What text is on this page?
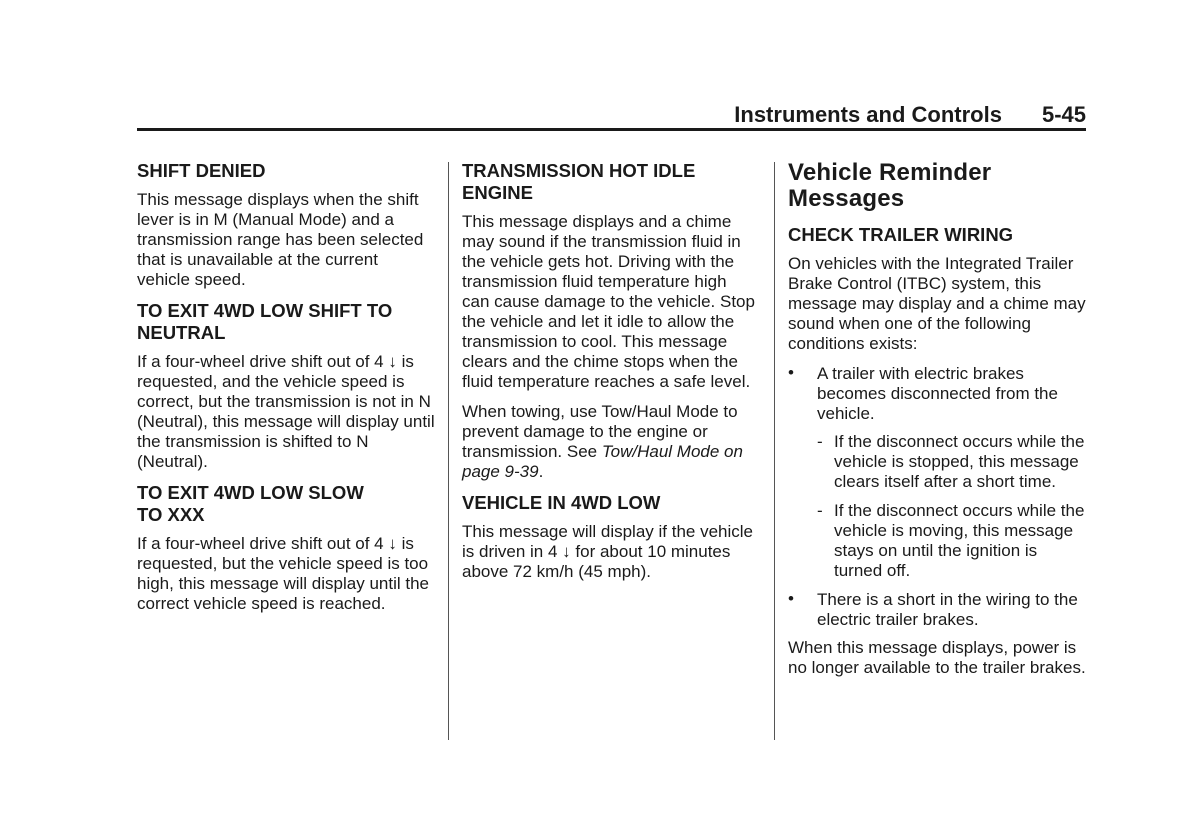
Instruments and Controls 5-45
SHIFT DENIED

This message displays when the shift lever is in M (Manual Mode) and a transmission range has been selected that is unavailable at the current vehicle speed.

TO EXIT 4WD LOW SHIFT TO NEUTRAL

If a four-wheel drive shift out of 4 ↓ is requested, and the vehicle speed is correct, but the transmission is not in N (Neutral), this message will display until the transmission is shifted to N (Neutral).

TO EXIT 4WD LOW SLOW
TO XXX

If a four-wheel drive shift out of 4 ↓ is requested, but the vehicle speed is too high, this message will display until the correct vehicle speed is reached.

TRANSMISSION HOT IDLE ENGINE

This message displays and a chime may sound if the transmission fluid in the vehicle gets hot. Driving with the transmission fluid temperature high can cause damage to the vehicle. Stop the vehicle and let it idle to allow the transmission to cool. This message clears and the chime stops when the fluid temperature reaches a safe level.

When towing, use Tow/Haul Mode to prevent damage to the engine or transmission. See Tow/Haul Mode on page 9-39.

VEHICLE IN 4WD LOW

This message will display if the vehicle is driven in 4 ↓ for about 10 minutes above 72 km/h (45 mph).

Vehicle Reminder Messages
CHECK TRAILER WIRING

On vehicles with the Integrated Trailer Brake Control (ITBC) system, this message may display and a chime may sound when one of the following conditions exists:

• A trailer with electric brakes becomes disconnected from the vehicle.
- If the disconnect occurs while the vehicle is stopped, this message clears itself after a short time.
- If the disconnect occurs while the vehicle is moving, this message stays on until the ignition is turned off.
• There is a short in the wiring to the electric trailer brakes.

When this message displays, power is no longer available to the trailer brakes.
